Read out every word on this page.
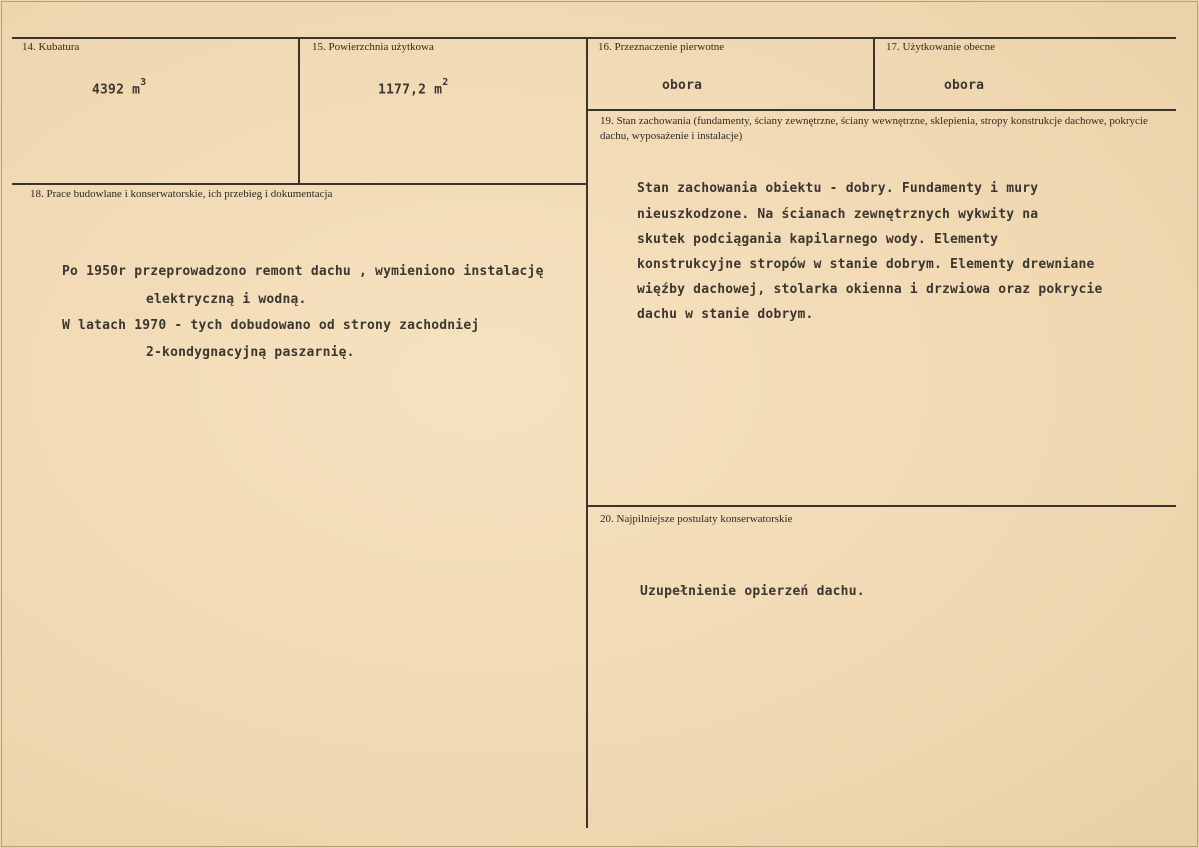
14. Kubatura
4392 $m^3$
15. Powierzchnia użytkowa
1177,2 $m^2$
16. Przeznaczenie pierwotne
obora
17. Użytkowanie obecne
obora
18. Prace budowlane i konserwatorskie, ich przebieg i dokumentacja
Po 1950r przeprowadzono remont dachu , wymieniono instalację
elektryczną i wodną.
W latach 1970 - tych dobudowano od strony zachodniej
2-kondygnacyjną paszarnię.
19. Stan zachowania (fundamenty, ściany zewnętrzne, ściany wewnętrzne, sklepienia, stropy konstrukcje dachowe, pokrycie dachu, wyposażenie i instalacje)
Stan zachowania obiektu - dobry. Fundamenty i mury
nieuszkodzone. Na ścianach zewnętrznych wykwity na
skutek podciągania kapilarnego wody. Elementy
konstrukcyjne stropów w stanie dobrym. Elementy drewniane
więźby dachowej, stolarka okienna i drzwiowa oraz pokrycie
dachu w stanie dobrym.
20. Najpilniejsze postulaty konserwatorskie
Uzupełnienie opierzeń dachu.
